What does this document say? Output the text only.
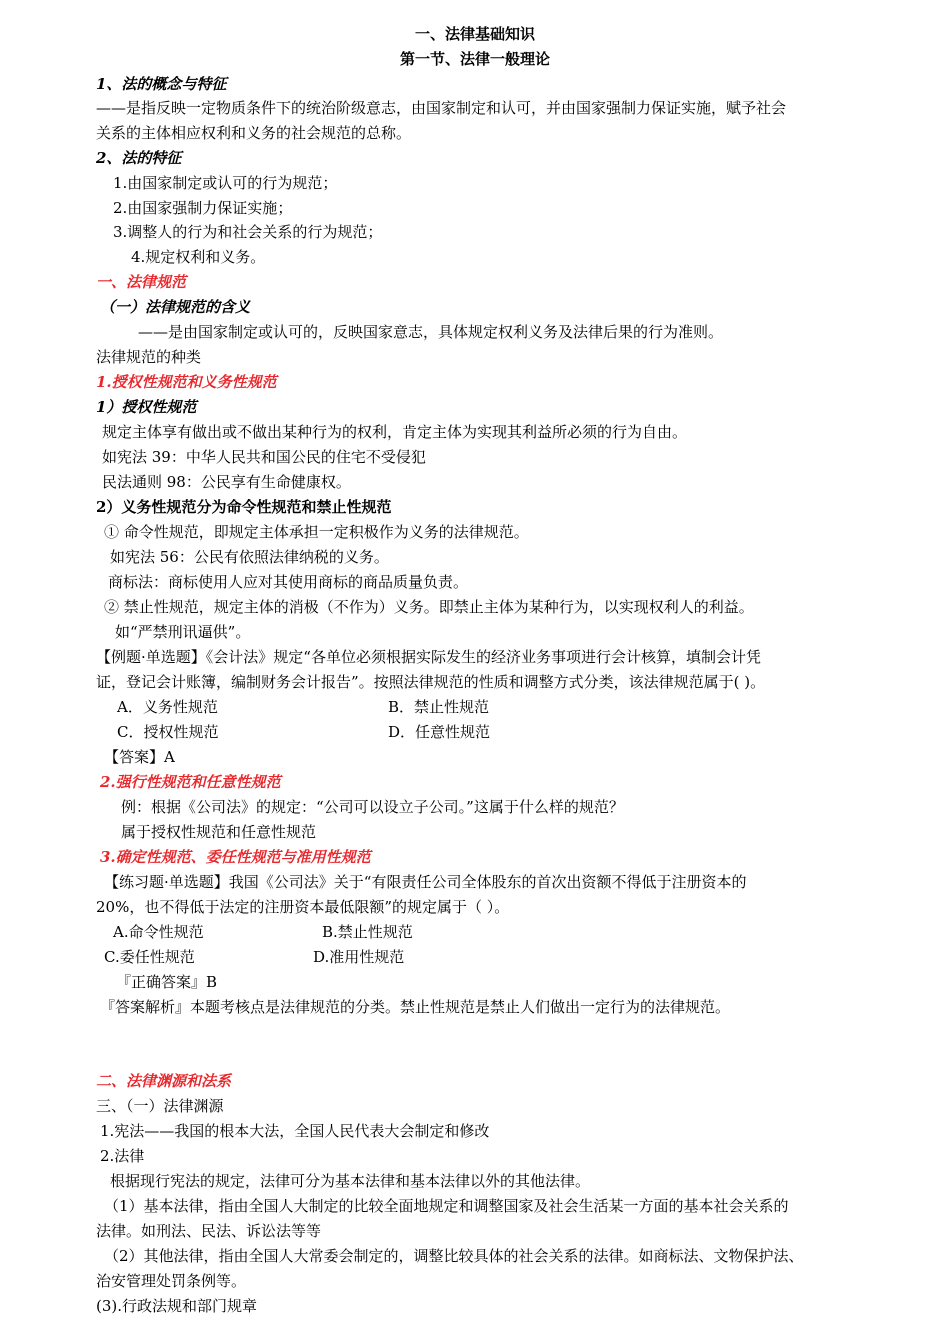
一、法律基础知识
第一节、法律一般理论
1、法的概念与特征
——是指反映一定物质条件下的统治阶级意志，由国家制定和认可，并由国家强制力保证实施，赋予社会
关系的主体相应权利和义务的社会规范的总称。
2、法的特征
1.由国家制定或认可的行为规范；
2.由国家强制力保证实施；
3.调整人的行为和社会关系的行为规范；
4.规定权利和义务。
一、法律规范
（一）法律规范的含义
——是由国家制定或认可的，反映国家意志，具体规定权利义务及法律后果的行为准则。
法律规范的种类
1.授权性规范和义务性规范
1）授权性规范
规定主体享有做出或不做出某种行为的权利，肯定主体为实现其利益所必须的行为自由。
如宪法 39：中华人民共和国公民的住宅不受侵犯
民法通则 98：公民享有生命健康权。
2）义务性规范分为命令性规范和禁止性规范
① 命令性规范，即规定主体承担一定积极作为义务的法律规范。
如宪法 56：公民有依照法律纳税的义务。
商标法：商标使用人应对其使用商标的商品质量负责。
② 禁止性规范，规定主体的消极（不作为）义务。即禁止主体为某种行为，以实现权利人的利益。
如“严禁刑讯逼供”。
【例题·单选题】《会计法》规定“各单位必须根据实际发生的经济业务事项进行会计核算，填制会计凭
证，登记会计账簿，编制财务会计报告”。按照法律规范的性质和调整方式分类，该法律规范属于( )。
A．义务性规范	B．禁止性规范
C．授权性规范	D．任意性规范
【答案】A
2.强行性规范和任意性规范
例：根据《公司法》的规定：“公司可以设立子公司。”这属于什么样的规范？
属于授权性规范和任意性规范
3.确定性规范、委任性规范与准用性规范
【练习题·单选题】我国《公司法》关于“有限责任公司全体股东的首次出资额不得低于注册资本的
20%，也不得低于法定的注册资本最低限额”的规定属于（ ）。
A.命令性规范	B.禁止性规范
C.委任性规范	D.准用性规范
『正确答案』B
『答案解析』本题考核点是法律规范的分类。禁止性规范是禁止人们做出一定行为的法律规范。
二、法律渊源和法系
三、（一）法律渊源
1.宪法——我国的根本大法，全国人民代表大会制定和修改
2.法律
根据现行宪法的规定，法律可分为基本法律和基本法律以外的其他法律。
（1）基本法律，指由全国人大制定的比较全面地规定和调整国家及社会生活某一方面的基本社会关系的
法律。如刑法、民法、诉讼法等等
（2）其他法律，指由全国人大常委会制定的，调整比较具体的社会关系的法律。如商标法、文物保护法、
治安管理处罚条例等。
(3).行政法规和部门规章
